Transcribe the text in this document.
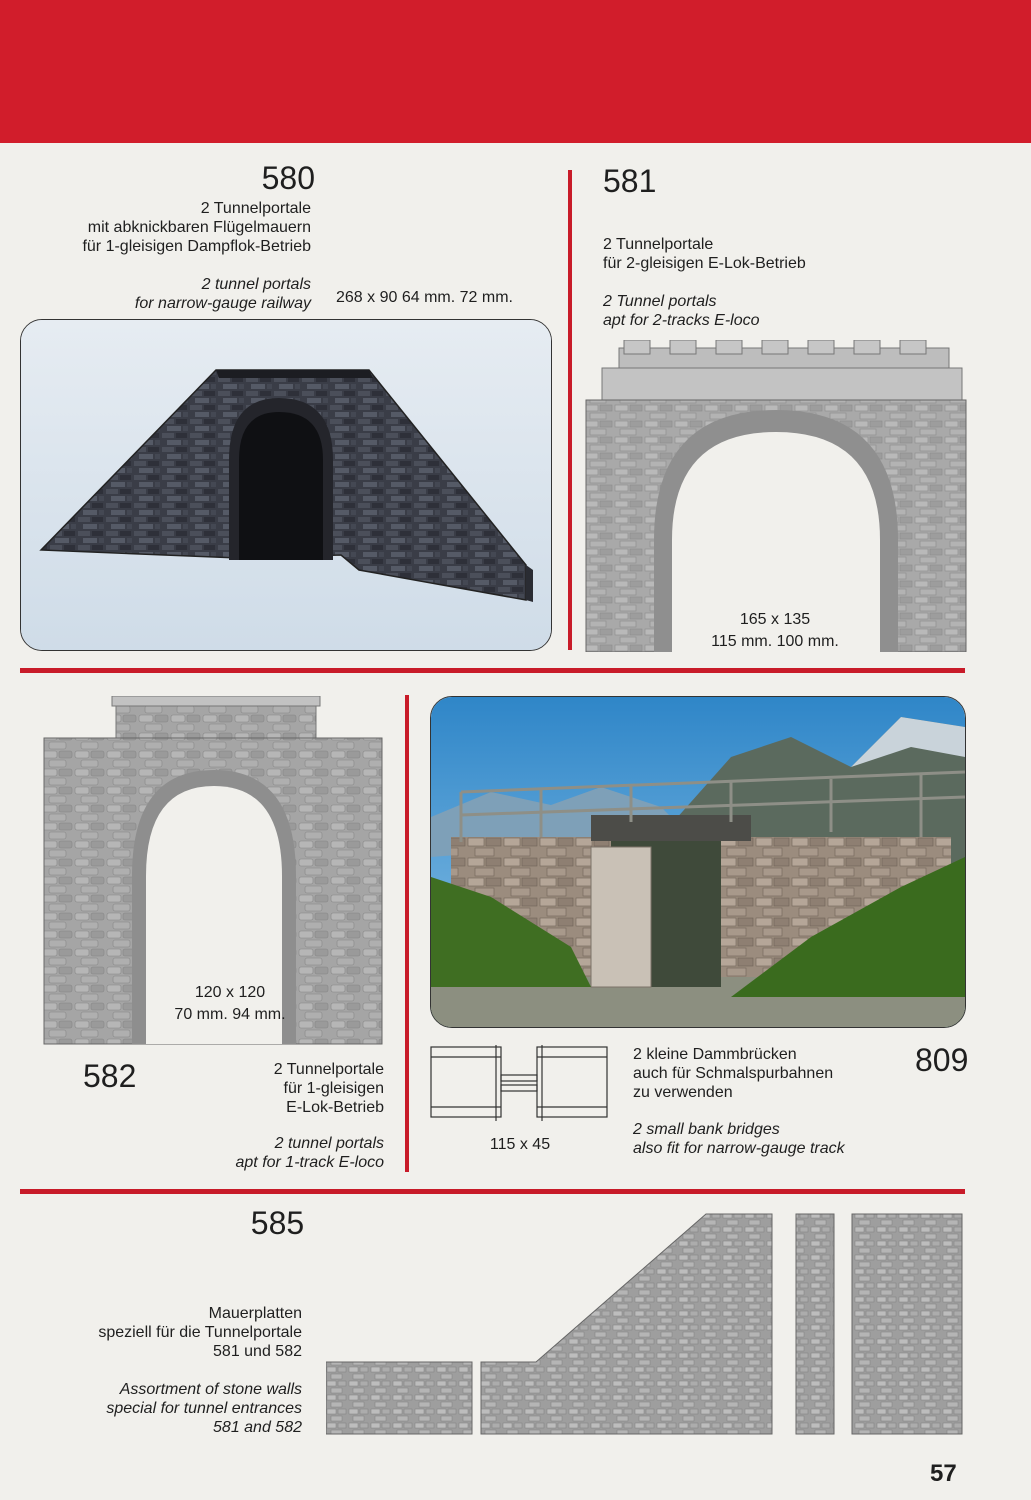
580
2 Tunnelportale
mit abknickbaren Flügelmauern
für 1-gleisigen Dampflok-Betrieb
2 tunnel portals
for narrow-gauge railway 268 x 90 64 mm. 72 mm.
581
2 Tunnelportale
für 2-gleisigen E-Lok-Betrieb
2 Tunnel portals
apt for 2-tracks E-loco
165 x 135
115 mm. 100 mm.
120 x 120
70 mm. 94 mm.
582	2 Tunnelportale
für 1-gleisigen
E-Lok-Betrieb
2 tunnel portals
apt for 1-track E-loco
115 x 45
2 kleine Dammbrücken
auch für Schmalspurbahnen
zu verwenden
2 small bank bridges
also fit for narrow-gauge track
809
585
Mauerplatten
speziell für die Tunnelportale
581 und 582
Assortment of stone walls
special for tunnel entrances
581 and 582
57
